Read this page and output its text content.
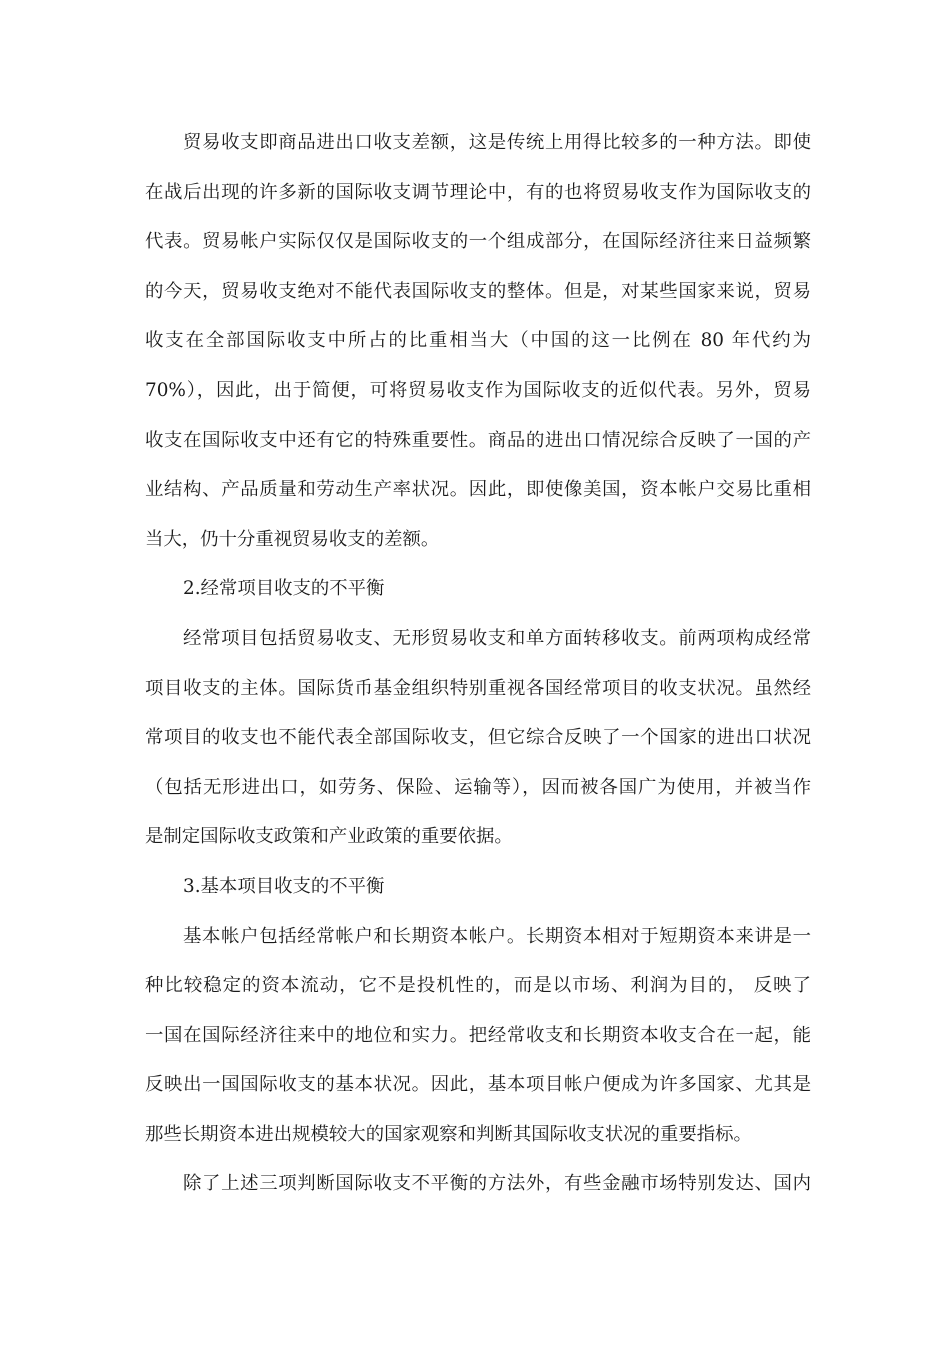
贸易收支即商品进出口收支差额，这是传统上用得比较多的一种方法。即使
在战后出现的许多新的国际收支调节理论中，有的也将贸易收支作为国际收支的
代表。贸易帐户实际仅仅是国际收支的一个组成部分，在国际经济往来日益频繁
的今天，贸易收支绝对不能代表国际收支的整体。但是，对某些国家来说，贸易
收支在全部国际收支中所占的比重相当大（中国的这一比例在 80 年代约为
70%），因此，出于简便，可将贸易收支作为国际收支的近似代表。另外，贸易
收支在国际收支中还有它的特殊重要性。商品的进出口情况综合反映了一国的产
业结构、产品质量和劳动生产率状况。因此，即使像美国，资本帐户交易比重相
当大，仍十分重视贸易收支的差额。
2.经常项目收支的不平衡
经常项目包括贸易收支、无形贸易收支和单方面转移收支。前两项构成经常
项目收支的主体。国际货币基金组织特别重视各国经常项目的收支状况。虽然经
常项目的收支也不能代表全部国际收支，但它综合反映了一个国家的进出口状况
（包括无形进出口，如劳务、保险、运输等），因而被各国广为使用，并被当作
是制定国际收支政策和产业政策的重要依据。
3.基本项目收支的不平衡
基本帐户包括经常帐户和长期资本帐户。长期资本相对于短期资本来讲是一
种比较稳定的资本流动，它不是投机性的，而是以市场、利润为目的， 反映了
一国在国际经济往来中的地位和实力。把经常收支和长期资本收支合在一起，能
反映出一国国际收支的基本状况。因此，基本项目帐户便成为许多国家、尤其是
那些长期资本进出规模较大的国家观察和判断其国际收支状况的重要指标。
除了上述三项判断国际收支不平衡的方法外，有些金融市场特别发达、国内
